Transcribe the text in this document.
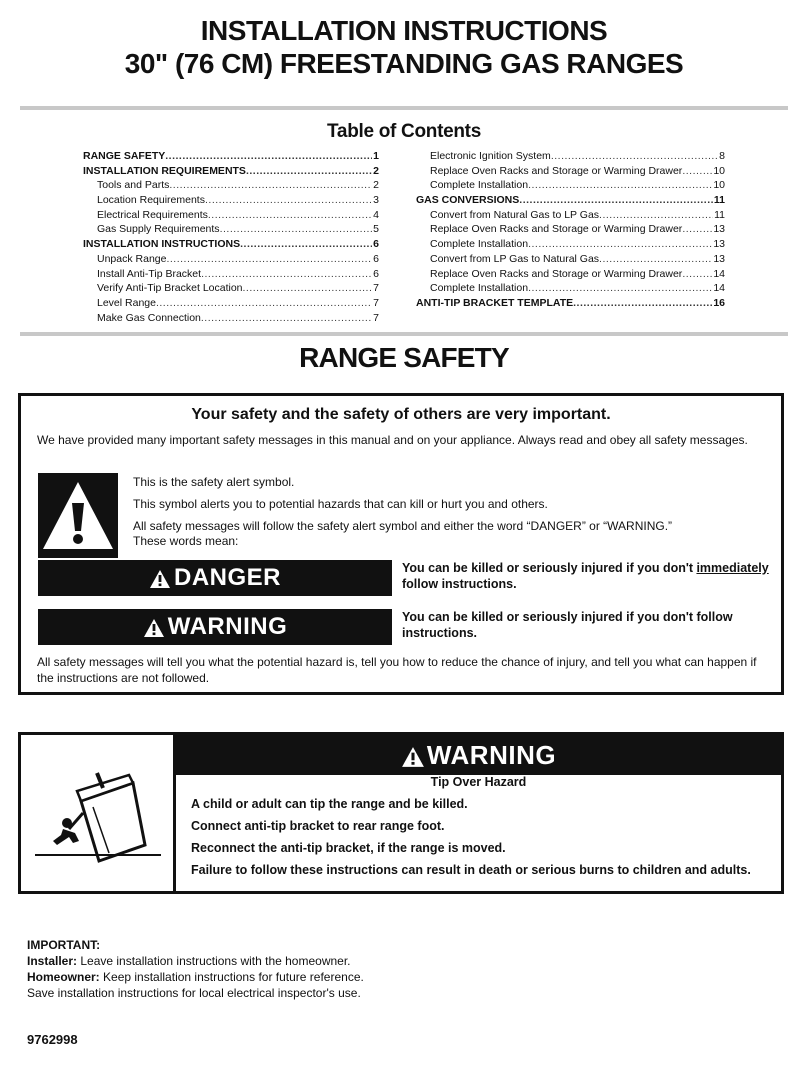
INSTALLATION INSTRUCTIONS
30" (76 CM) FREESTANDING GAS RANGES
Table of Contents
RANGE SAFETY .....	1
INSTALLATION REQUIREMENTS .....	2
Tools and Parts .....	2
Location Requirements .....	3
Electrical Requirements .....	4
Gas Supply Requirements .....	5
INSTALLATION INSTRUCTIONS .....	6
Unpack Range .....	6
Install Anti-Tip Bracket .....	6
Verify Anti-Tip Bracket Location .....	7
Level Range .....	7
Make Gas Connection .....	7
Electronic Ignition System .....	8
Replace Oven Racks and Storage or Warming Drawer .....	10
Complete Installation .....	10
GAS CONVERSIONS .....	11
Convert from Natural Gas to LP Gas .....	11
Replace Oven Racks and Storage or Warming Drawer .....	13
Complete Installation .....	13
Convert from LP Gas to Natural Gas .....	13
Replace Oven Racks and Storage or Warming Drawer .....	14
Complete Installation .....	14
ANTI-TIP BRACKET TEMPLATE .....	16
RANGE SAFETY
Your safety and the safety of others are very important.
We have provided many important safety messages in this manual and on your appliance. Always read and obey all safety messages.
This is the safety alert symbol.
This symbol alerts you to potential hazards that can kill or hurt you and others.
All safety messages will follow the safety alert symbol and either the word “DANGER” or “WARNING.”
These words mean:
DANGER	You can be killed or seriously injured if you don't immediately
follow instructions.
WARNING	You can be killed or seriously injured if you don't follow instructions.
All safety messages will tell you what the potential hazard is, tell you how to reduce the chance of injury, and tell you what can happen if the instructions are not followed.
WARNING
Tip Over Hazard
A child or adult can tip the range and be killed.
Connect anti-tip bracket to rear range foot.
Reconnect the anti-tip bracket, if the range is moved.
Failure to follow these instructions can result in death or serious burns to children and adults.
IMPORTANT:
Installer: Leave installation instructions with the homeowner.
Homeowner: Keep installation instructions for future reference.
Save installation instructions for local electrical inspector's use.
9762998
